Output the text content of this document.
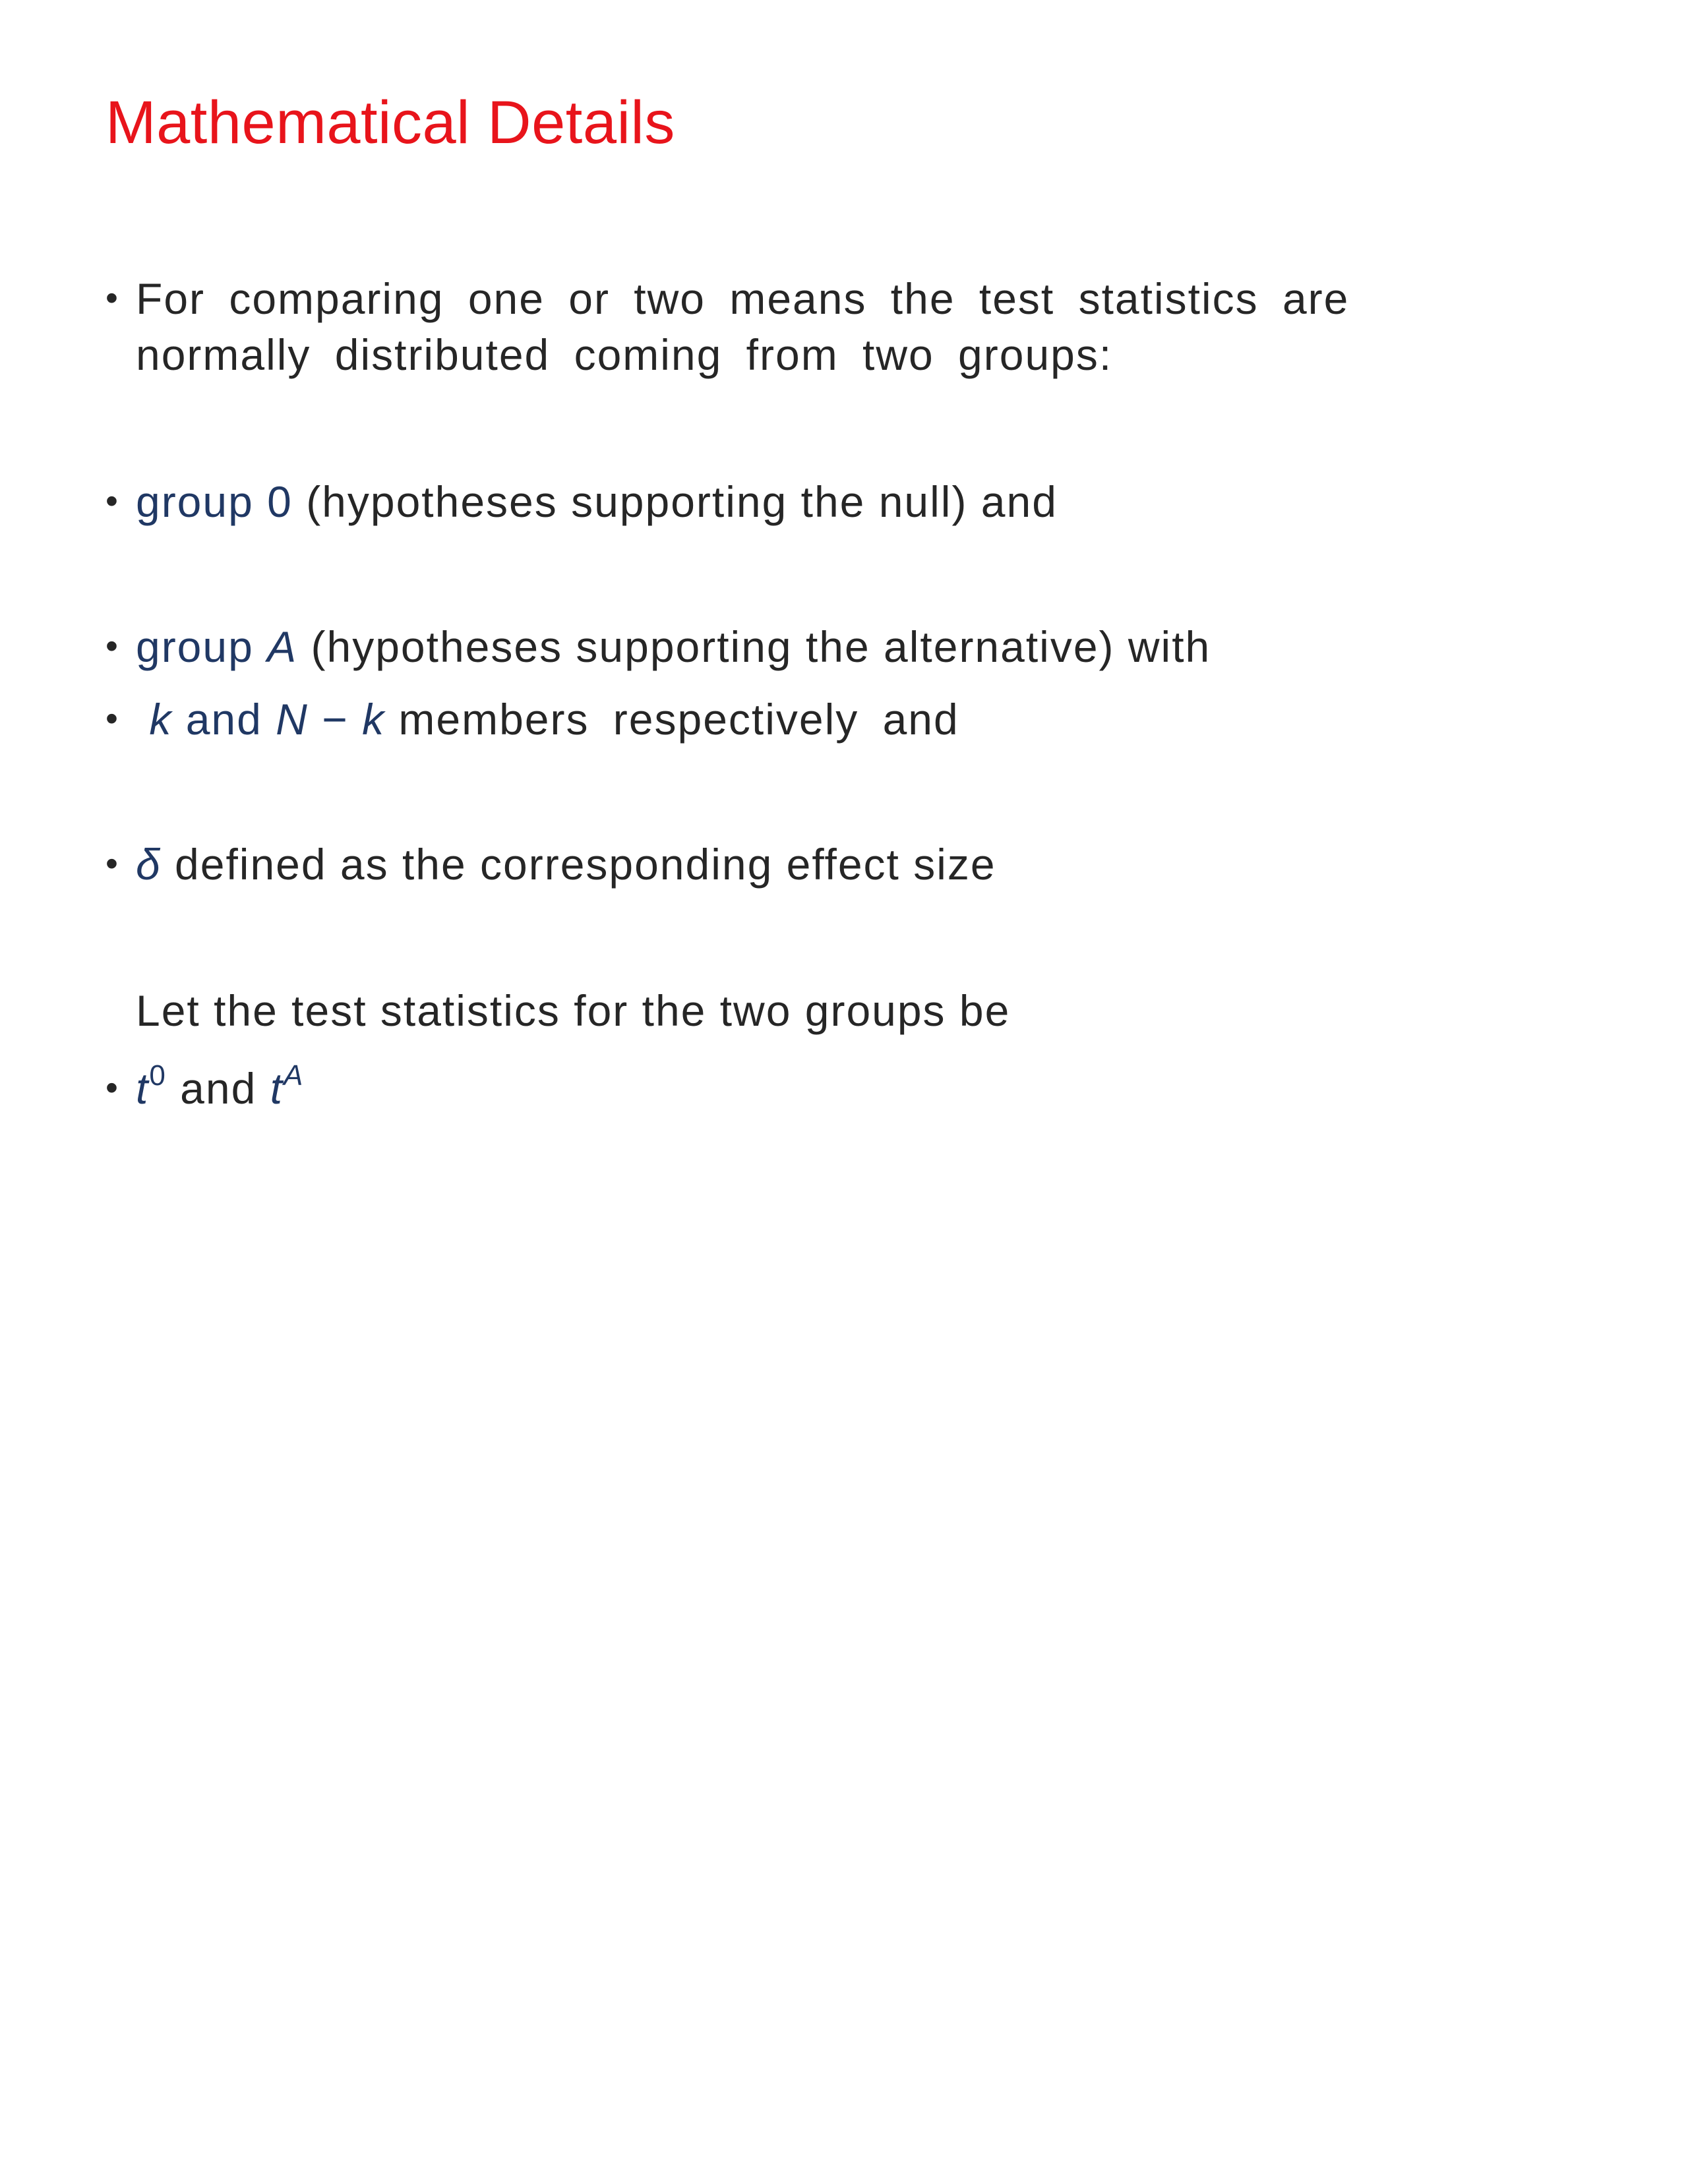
Mathematical Details
• For comparing one or two means the test statistics are
normally distributed coming from two groups:
• group 0 (hypotheses supporting the null) and
• group A (hypotheses supporting the alternative) with
• k and N − k members respectively and
• δ defined as the corresponding effect size
Let the test statistics for the two groups be
• $t^0$ and $t^A$
